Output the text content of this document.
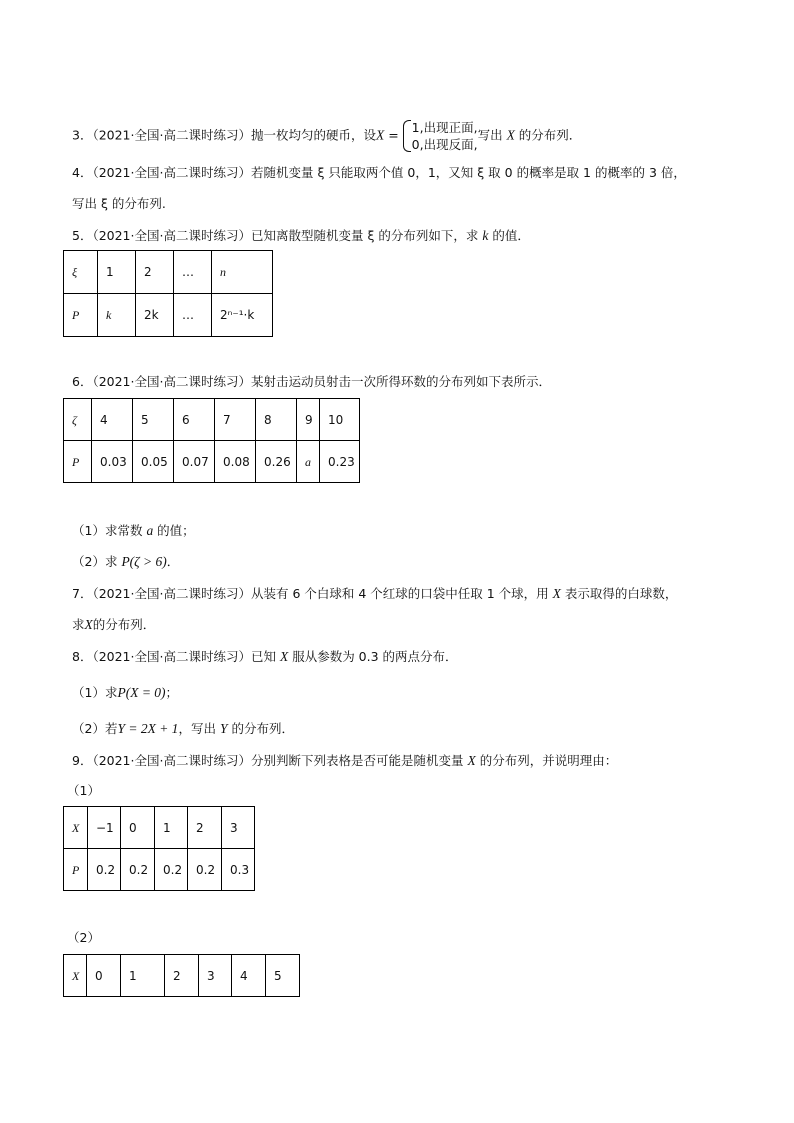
3．（2021·全国·高二课时练习）抛一枚均匀的硬币，设X = 1,出现正面,
0,出现反面,写出 X 的分布列．
4．（2021·全国·高二课时练习）若随机变量 ξ 只能取两个值 0，1，又知 ξ 取 0 的概率是取 1 的概率的 3 倍，
写出 ξ 的分布列.
5．（2021·全国·高二课时练习）已知离散型随机变量 ξ 的分布列如下，求 k 的值．
ξ	1	2	…	n
P	k	2k	…	2ⁿ⁻¹·k
6．（2021·全国·高二课时练习）某射击运动员射击一次所得环数的分布列如下表所示．
ζ	4	5	6	7	8	9	10
P	0.03	0.05	0.07	0.08	0.26	a	0.23
（1）求常数 a 的值；
（2）求 P(ζ > 6)．
7．（2021·全国·高二课时练习）从装有 6 个白球和 4 个红球的口袋中任取 1 个球，用 X 表示取得的白球数，
求X的分布列．
8．（2021·全国·高二课时练习）已知 X 服从参数为 0.3 的两点分布．
（1）求P(X = 0)；
（2）若Y = 2X + 1，写出 Y 的分布列．
9．（2021·全国·高二课时练习）分别判断下列表格是否可能是随机变量 X 的分布列，并说明理由：
（1）
X	−1	0	1	2	3
P	0.2	0.2	0.2	0.2	0.3
（2）
X	0	1	2	3	4	5
